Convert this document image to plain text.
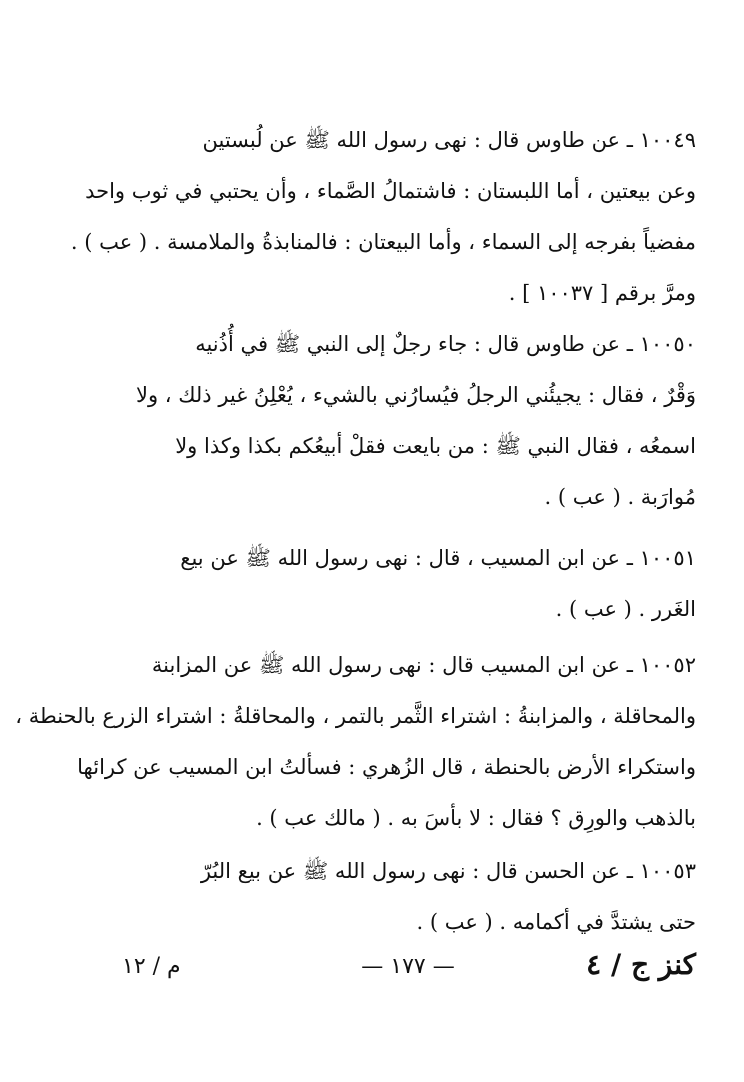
١٠٠٤٩ ـ عن طاوس قال : نهى رسول الله ﷺ عن لُبستين
وعن بيعتين ، أما اللبستان : فاشتمالُ الصَّماء ، وأن يحتبي في ثوب واحد
مفضياً بفرجه إلى السماء ، وأما البيعتان : فالمنابذةُ والملامسة . ( عب ) .
ومرَّ برقم [ ١٠٠٣٧ ] .
١٠٠٥٠ ـ عن طاوس قال : جاء رجلٌ إلى النبي ﷺ في أُذُنيه
وَقْرٌ ، فقال : يجيئُني الرجلُ فيُسارُني بالشيء ، يُعْلِنُ غير ذلك ، ولا
اسمعُه ، فقال النبي ﷺ : من بايعت فقلْ أبيعُكم بكذا وكذا ولا
مُوارَبة . ( عب ) .
١٠٠٥١ ـ عن ابن المسيب ، قال : نهى رسول الله ﷺ عن بيع
الغَرر . ( عب ) .
١٠٠٥٢ ـ عن ابن المسيب قال : نهى رسول الله ﷺ عن المزابنة
والمحاقلة ، والمزابنةُ : اشتراء الثَّمر بالتمر ، والمحاقلةُ : اشتراء الزرع بالحنطة ،
واستكراء الأرض بالحنطة ، قال الزُهري : فسألتُ ابن المسيب عن كرائها
بالذهب والورِق ؟ فقال : لا بأسَ به . ( مالك عب ) .
١٠٠٥٣ ـ عن الحسن قال : نهى رسول الله ﷺ عن بيع البُرّ
حتى يشتدَّ في أكمامه . ( عب ) .
كنز ج / ٤
— ١٧٧ —
م / ١٢
